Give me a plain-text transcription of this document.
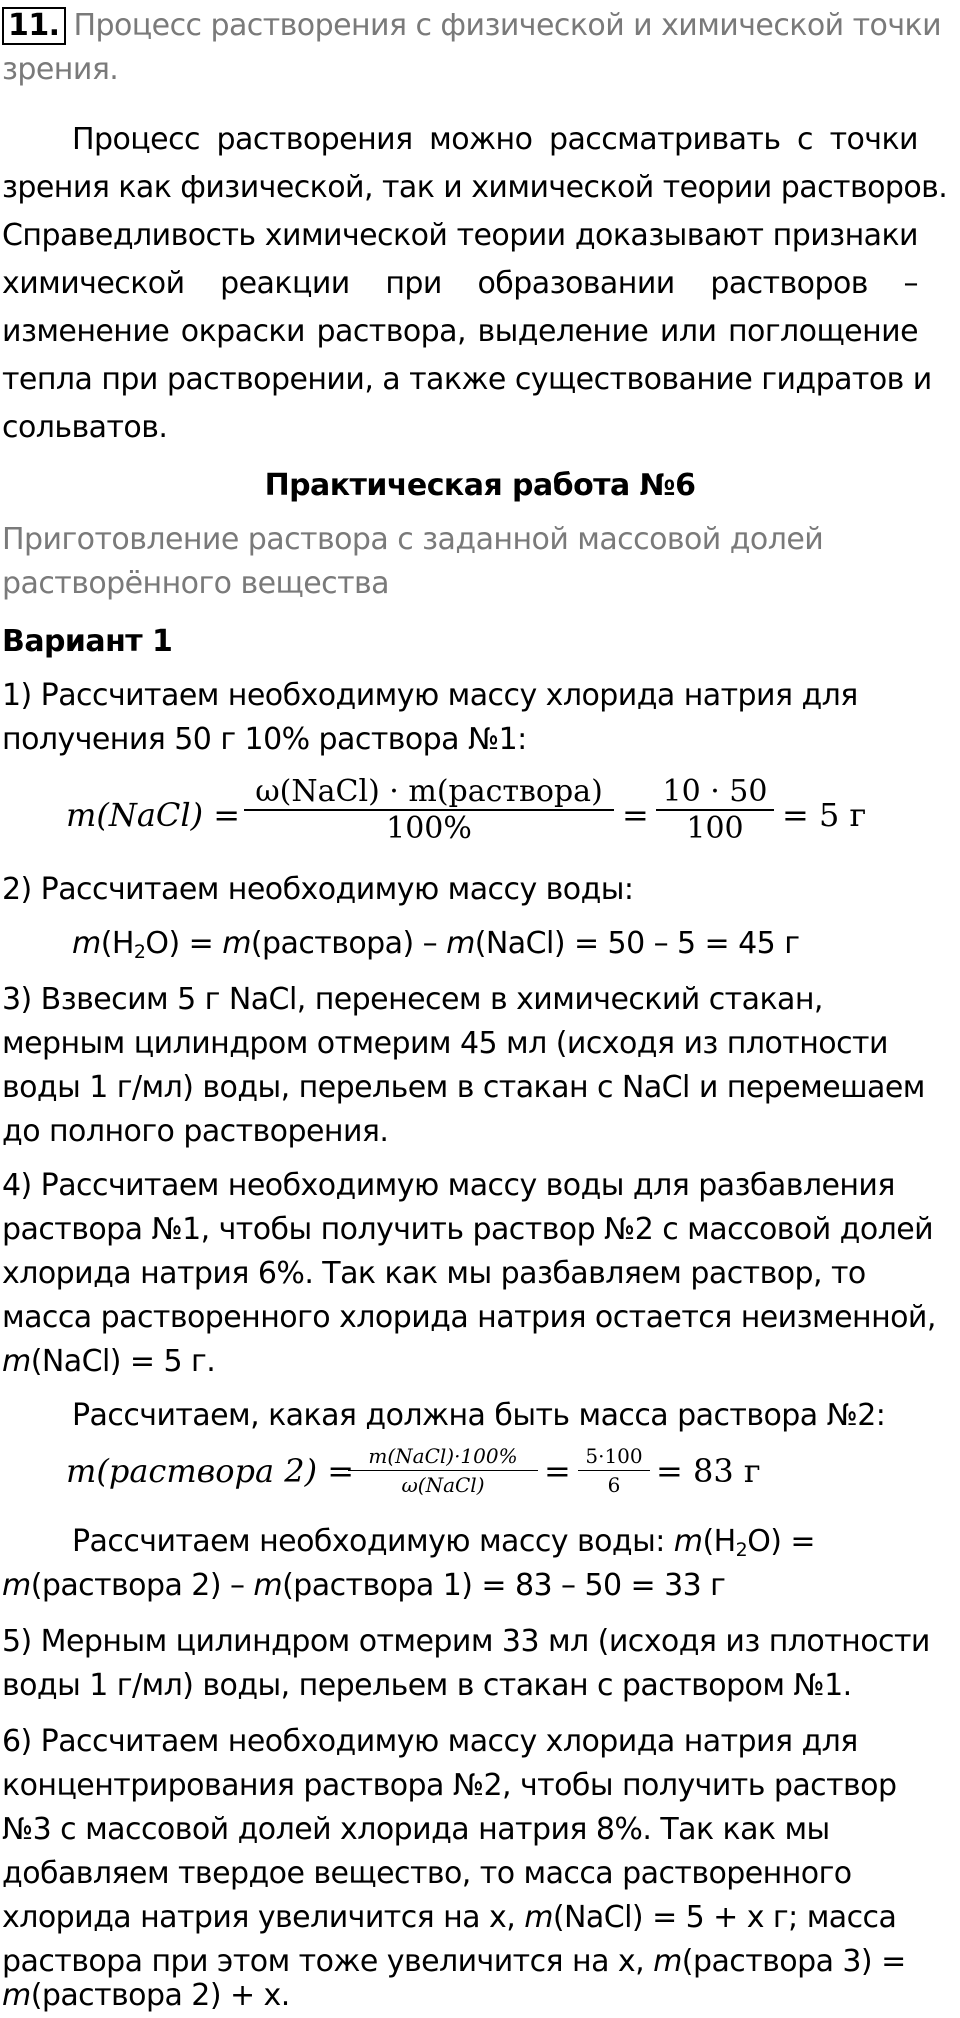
11. Процесс растворения с физической и химической точки
зрения.
Процесс растворения можно рассматривать с точки
зрения как физической, так и химической теории растворов.
Справедливость химической теории доказывают признаки
химической реакции при образовании растворов –
изменение окраски раствора, выделение или поглощение
тепла при растворении, а также существование гидратов и
сольватов.
Практическая работа №6
Приготовление раствора с заданной массовой долей
растворённого вещества
Вариант 1
1) Рассчитаем необходимую массу хлорида натрия для
получения 50 г 10% раствора №1:
m(NaCl) =
ω(NaCl) · m(раствора)
100%	=
10 · 50
100	= 5 г
2) Рассчитаем необходимую массу воды:
$m(H_2O)$ = m(раствора) – m(NaCl) = 50 – 5 = 45 г
3) Взвесим 5 г NaCl, перенесем в химический стакан,
мерным цилиндром отмерим 45 мл (исходя из плотности
воды 1 г/мл) воды, перельем в стакан с NaCl и перемешаем
до полного растворения.
4) Рассчитаем необходимую массу воды для разбавления
раствора №1, чтобы получить раствор №2 с массовой долей
хлорида натрия 6%. Так как мы разбавляем раствор, то
масса растворенного хлорида натрия остается неизменной,
m(NaCl) = 5 г.
Рассчитаем, какая должна быть масса раствора №2:
m(раствора 2) = m(NaCl)·100%
ω(NaCl)	= 5·100
6	= 83 г
Рассчитаем необходимую массу воды: $m(H_2O)$ =
m(раствора 2) – m(раствора 1) = 83 – 50 = 33 г
5) Мерным цилиндром отмерим 33 мл (исходя из плотности
воды 1 г/мл) воды, перельем в стакан с раствором №1.
6) Рассчитаем необходимую массу хлорида натрия для
концентрирования раствора №2, чтобы получить раствор
№3 с массовой долей хлорида натрия 8%. Так как мы
добавляем твердое вещество, то масса растворенного
хлорида натрия увеличится на х, m(NaCl) = 5 + х г; масса
раствора при этом тоже увеличится на х, m(раствора 3) =
m(раствора 2) + х.
